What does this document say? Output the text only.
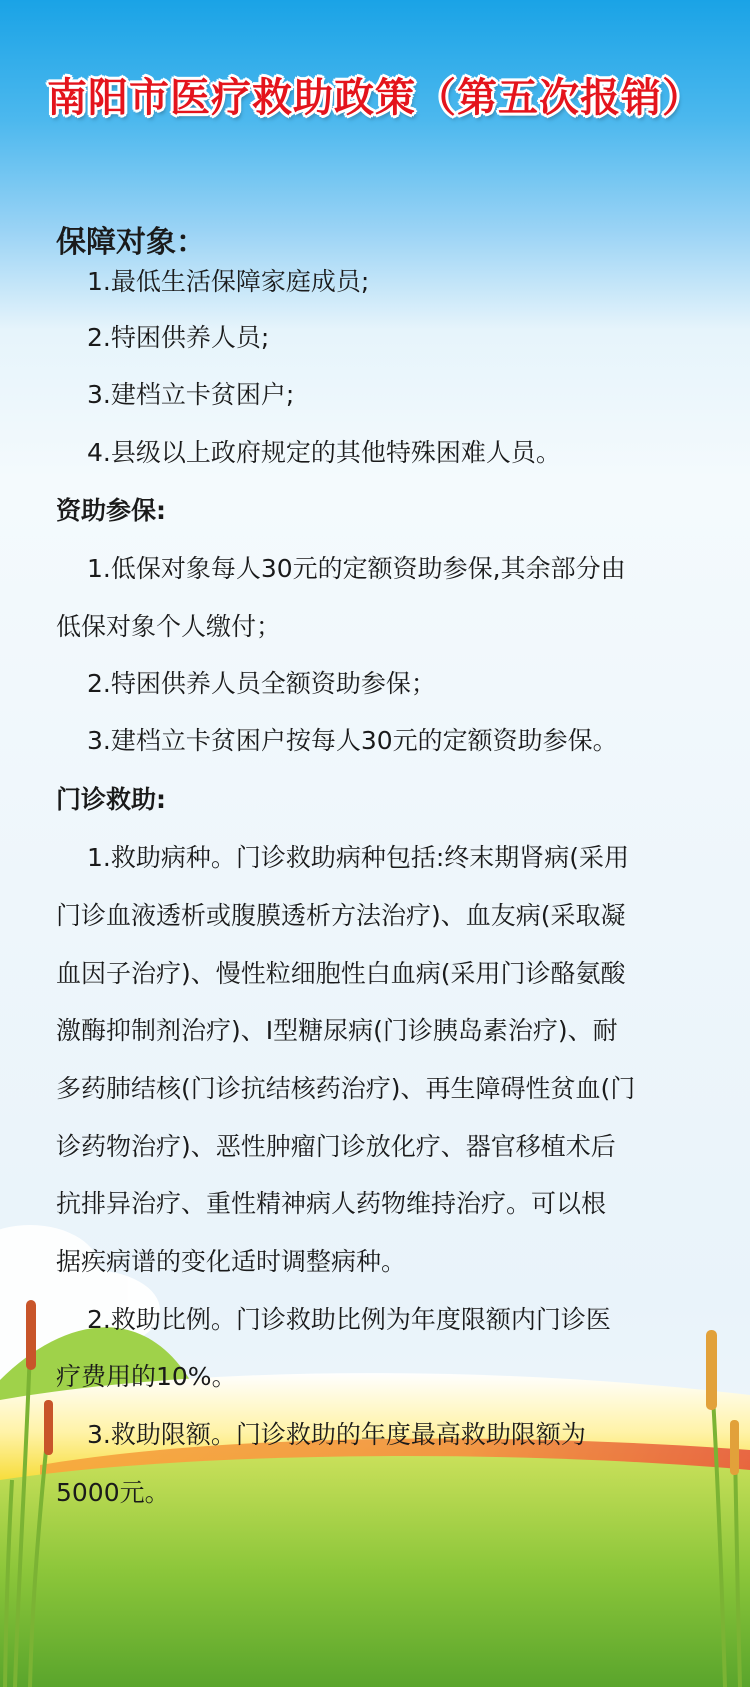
南阳市医疗救助政策（第五次报销）
保障对象：
1.最低生活保障家庭成员;
2.特困供养人员;
3.建档立卡贫困户;
4.县级以上政府规定的其他特殊困难人员。
资助参保:
1.低保对象每人30元的定额资助参保,其余部分由
低保对象个人缴付；
2.特困供养人员全额资助参保；
3.建档立卡贫困户按每人30元的定额资助参保。
门诊救助:
1.救助病种。门诊救助病种包括:终末期肾病(采用
门诊血液透析或腹膜透析方法治疗)、血友病(采取凝
血因子治疗)、慢性粒细胞性白血病(采用门诊酪氨酸
激酶抑制剂治疗)、Ⅰ型糖尿病(门诊胰岛素治疗)、耐
多药肺结核(门诊抗结核药治疗)、再生障碍性贫血(门
诊药物治疗)、恶性肿瘤门诊放化疗、器官移植术后
抗排异治疗、重性精神病人药物维持治疗。可以根
据疾病谱的变化适时调整病种。
2.救助比例。门诊救助比例为年度限额内门诊医
疗费用的10%。
3.救助限额。门诊救助的年度最高救助限额为
5000元。
